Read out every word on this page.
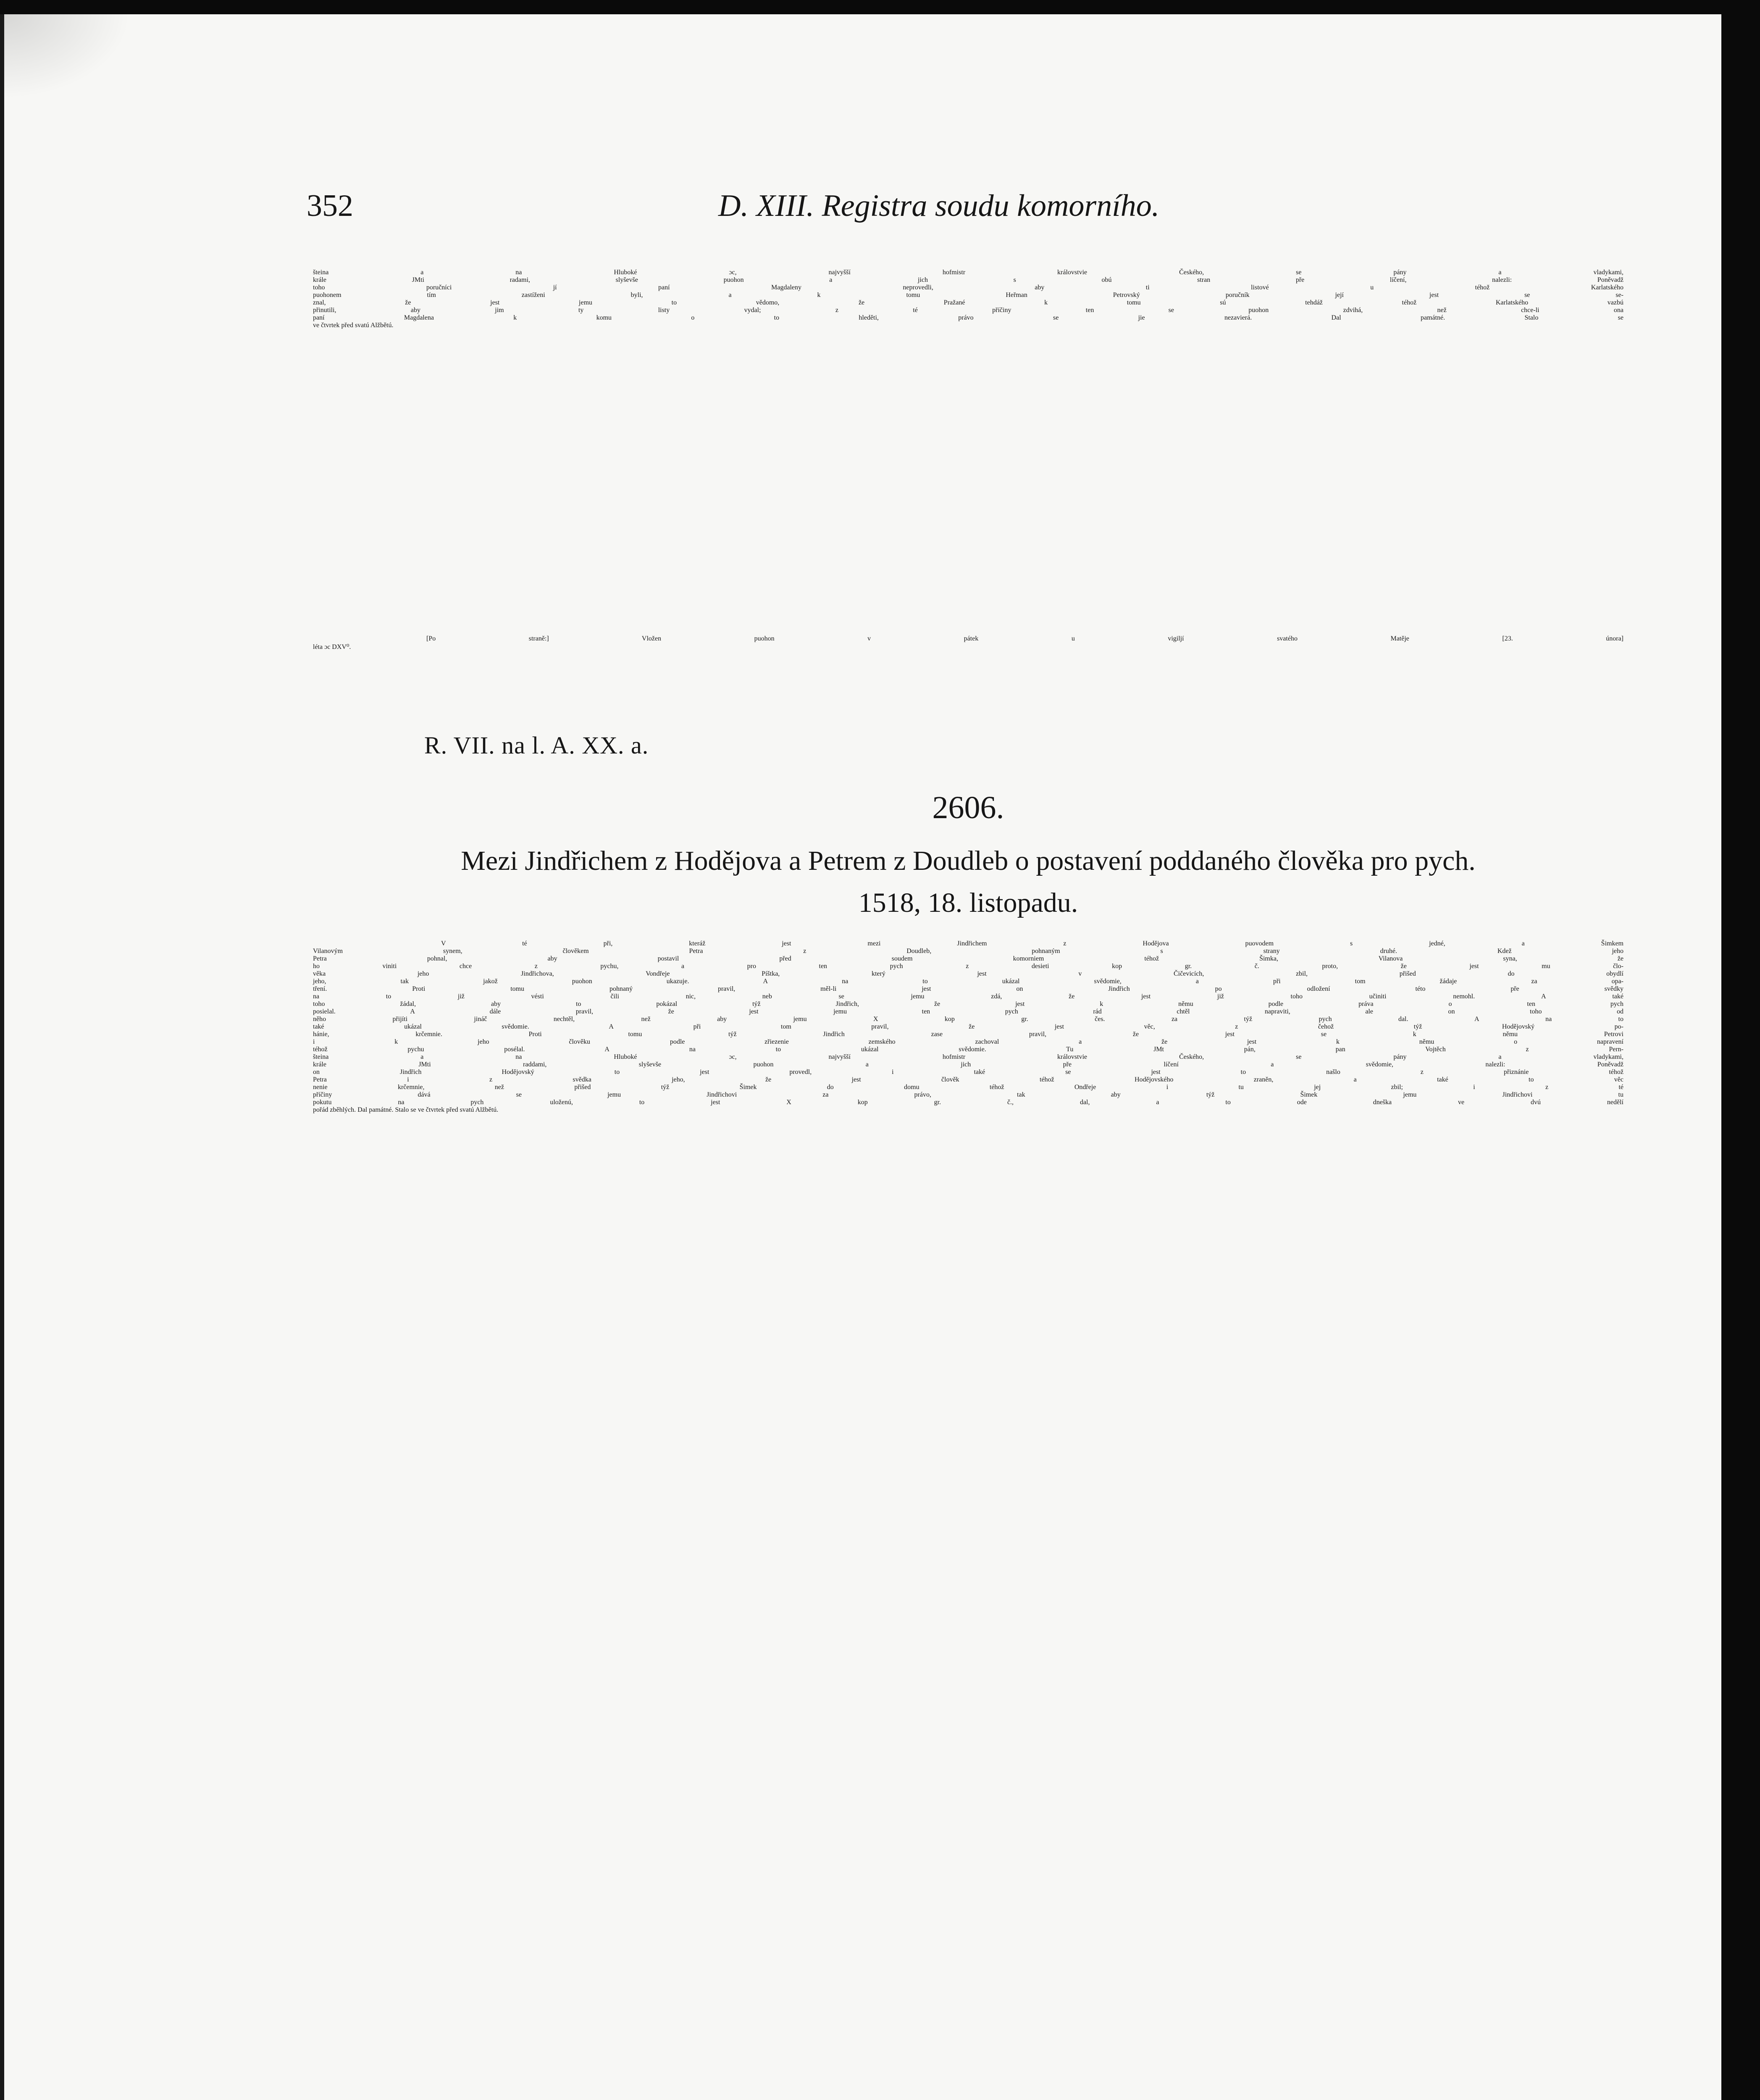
352	D. XIII. Registra soudu komorního.
šteina a na Hluboké ɔc, najvyšší hofmistr královstvie Českého, se pány a vladykami,
krále JMti radami, slyševše puohon a jich s obú stran pře líčení, nalezli: Poněvadž
toho poručníci jí paní Magdaleny neprovedli, aby ti listové u téhož Karlatského
puohonem tím zastíženi byli, a k tomu Heřman Petrovský poručník její jest se se-
znal, že jest jemu to vědomo, že Pražané k tomu sú tehdáž téhož Karlatského vazbú
přinutili, aby jim ty listy vydal; z té příčiny ten se puohon zdvihá, než chce-li ona
paní Magdalena k komu o to hleděti, právo se jie nezavierá. Dal památné. Stalo se
ve čtvrtek před svatú Alžbětú.
[Po straně:] Vložen puohon v pátek u vigiljí svatého Matěje [23. února]
léta ɔc DXV⁰.
R. VII. na l. A. XX. a.
2606.
Mezi Jindřichem z Hodějova a Petrem z Doudleb o postavení poddaného člověka pro pych.
1518, 18. listopadu.
V té při, kteráž jest mezi Jindřichem z Hodějova puovodem s jedné, a Šimkem
Vilanovým synem, člověkem Petra z Doudleb, pohnaným s strany druhé. Kdež jeho
Petra pohnal, aby postavil před soudem komorniem téhož Šimka, Vilanova syna, že
ho viniti chce z pychu, a pro ten pych z desieti kop gr. č. proto, že jest mu člo-
věka jeho Jindřichova, Vondřeje Píštka, který jest v Čičevicích, zbil, přišed do obydlí
jeho, tak jakož puohon ukazuje. A na to ukázal svědomie, a při tom žádaje za opa-
tření. Proti tomu pohnaný pravil, měl-li jest on Jindřich po odložení této pře svědky
na to již vésti čili nic, neb se jemu zdá, že jest již toho učiniti nemohl. A také
toho žádal, aby to pokázal týž Jindřich, že jest k němu podle práva o ten pych
posielal. A dále pravil, že jest jemu ten pych rád chtěl napraviti, ale on toho od
něho přijíti jináč nechtěl, než aby jemu X kop gr. čes. za týž pych dal. A na to
také ukázal svědomie. A při tom pravil, že jest věc, z čehož týž Hodějovský po-
hánie, krčemnie. Proti tomu týž Jindřich zase pravil, že jest se k němu Petrovi
i k jeho člověku podle zřiezenie zemského zachoval a že jest k němu o napravení
téhož pychu posélal. A na to ukázal svědomie. Tu JMt pán, pan Vojtěch z Pern-
šteina a na Hluboké ɔc, najvyšší hofmistr královstvie Českého, se pány a vladykami,
krále JMti raddami, slyševše puohon a jich pře líčení a svědomie, nalezli: Poněvadž
on Jindřich Hodějovský to jest provedl, i také se jest to našlo z přiznánie téhož
Petra i z svědka jeho, že jest člověk téhož Hodějovského zraněn, a také to věc
nenie krčemnie, než přišed týž Šimek do domu téhož Ondřeje i tu jej zbil; i z té
příčiny dává se jemu Jindřichovi za právo, tak aby týž Šimek jemu Jindřichovi tu
pokutu na pych uloženú, to jest X kop gr. č., dal, a to ode dneška ve dvú nedělí
pořád zběhlých. Dal památné. Stalo se ve čtvrtek před svatú Alžbětú.
